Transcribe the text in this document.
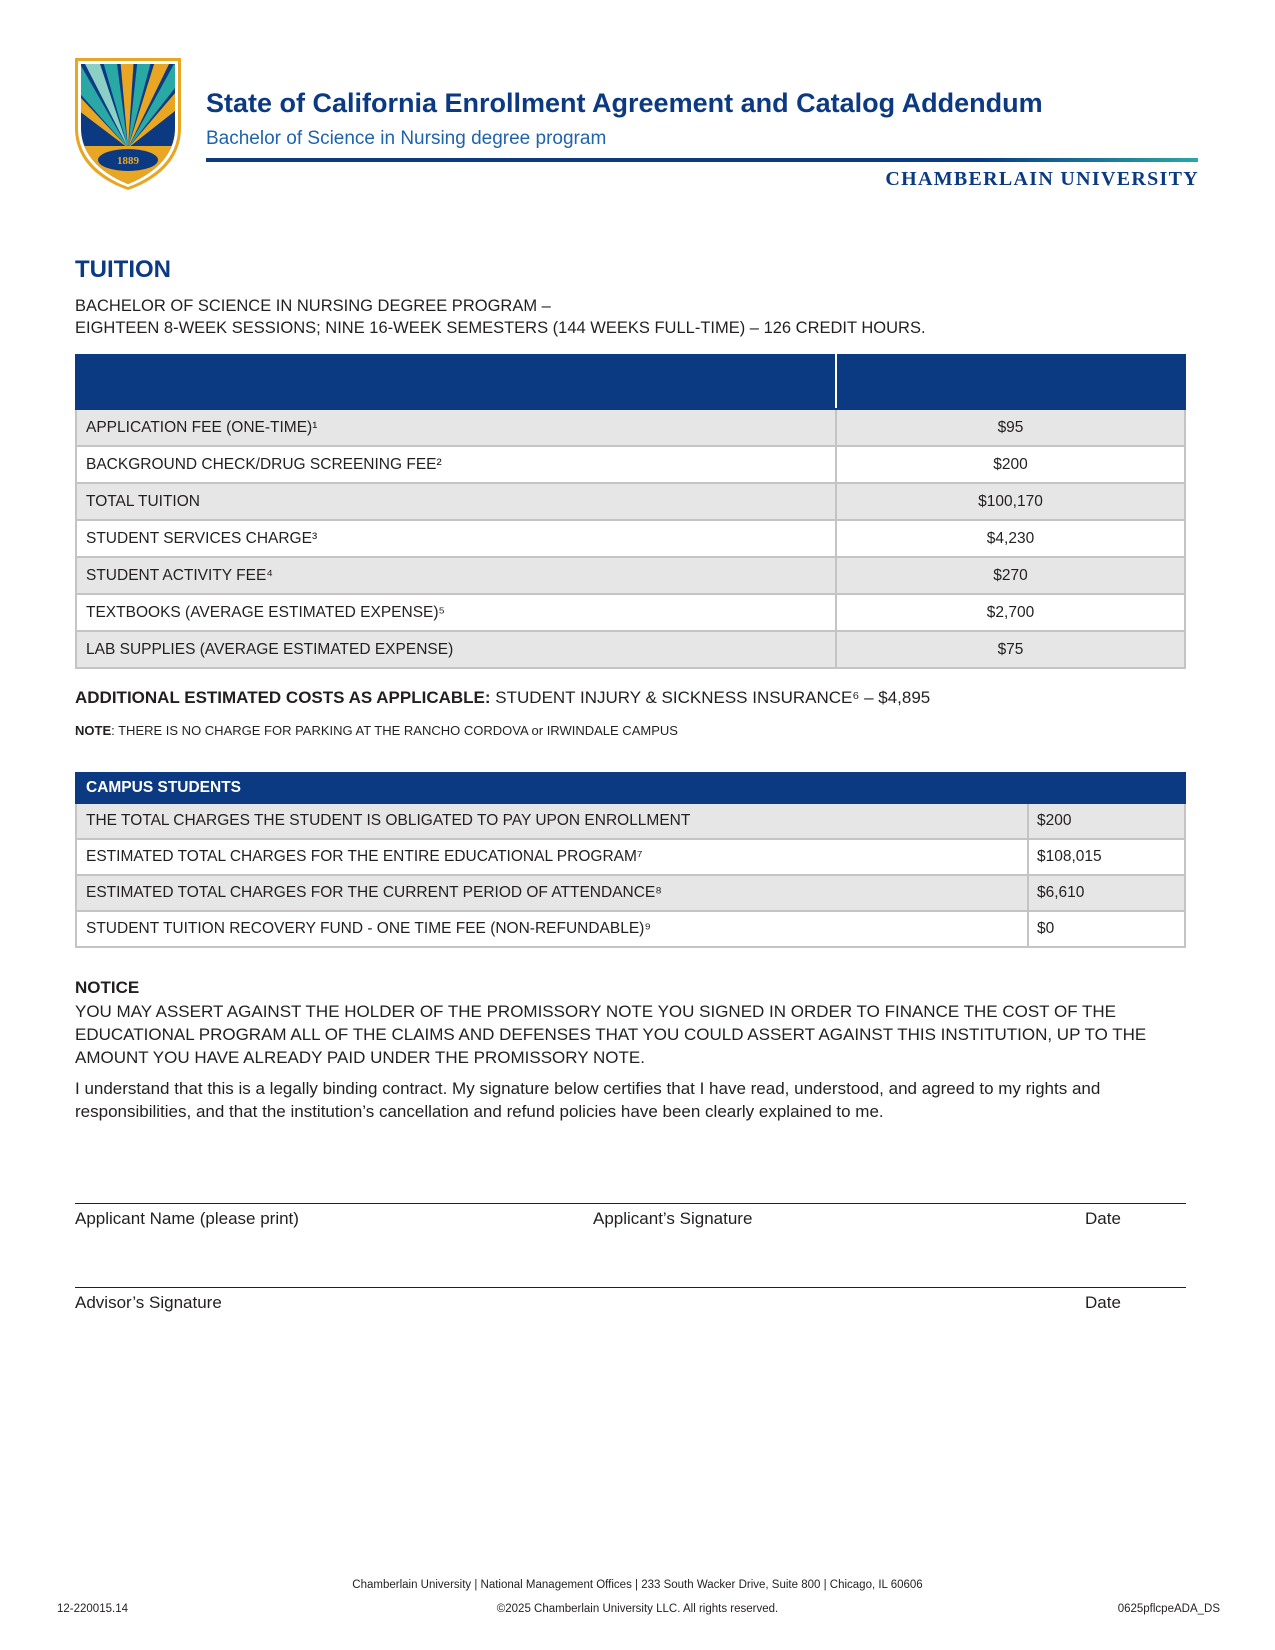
1889
State of California Enrollment Agreement and Catalog Addendum
Bachelor of Science in Nursing degree program
CHAMBERLAIN UNIVERSITY
TUITION
BACHELOR OF SCIENCE IN NURSING DEGREE PROGRAM –
EIGHTEEN 8-WEEK SESSIONS; NINE 16-WEEK SEMESTERS (144 WEEKS FULL-TIME) – 126 CREDIT HOURS.

APPLICATION FEE (ONE-TIME)¹	$95
BACKGROUND CHECK/DRUG SCREENING FEE²	$200
TOTAL TUITION	$100,170
STUDENT SERVICES CHARGE³	$4,230
STUDENT ACTIVITY FEE⁴	$270
TEXTBOOKS (AVERAGE ESTIMATED EXPENSE)⁵	$2,700
LAB SUPPLIES (AVERAGE ESTIMATED EXPENSE)	$75
ADDITIONAL ESTIMATED COSTS AS APPLICABLE: STUDENT INJURY & SICKNESS INSURANCE⁶ – $4,895
NOTE: THERE IS NO CHARGE FOR PARKING AT THE RANCHO CORDOVA or IRWINDALE CAMPUS
CAMPUS STUDENTS	
THE TOTAL CHARGES THE STUDENT IS OBLIGATED TO PAY UPON ENROLLMENT	$200
ESTIMATED TOTAL CHARGES FOR THE ENTIRE EDUCATIONAL PROGRAM⁷	$108,015
ESTIMATED TOTAL CHARGES FOR THE CURRENT PERIOD OF ATTENDANCE⁸	$6,610
STUDENT TUITION RECOVERY FUND - ONE TIME FEE (NON-REFUNDABLE)⁹	$0
NOTICE
YOU MAY ASSERT AGAINST THE HOLDER OF THE PROMISSORY NOTE YOU SIGNED IN ORDER TO FINANCE THE COST OF THE EDUCATIONAL PROGRAM ALL OF THE CLAIMS AND DEFENSES THAT YOU COULD ASSERT AGAINST THIS INSTITUTION, UP TO THE AMOUNT YOU HAVE ALREADY PAID UNDER THE PROMISSORY NOTE.
I understand that this is a legally binding contract. My signature below certifies that I have read, understood, and agreed to my rights and responsibilities, and that the institution’s cancellation and refund policies have been clearly explained to me.
Applicant Name (please print)	Applicant’s Signature	Date
Advisor’s Signature	Date
Chamberlain University | National Management Offices | 233 South Wacker Drive, Suite 800 | Chicago, IL 60606
©2025 Chamberlain University LLC. All rights reserved.
12-220015.14	0625pflcpeADA_DS
